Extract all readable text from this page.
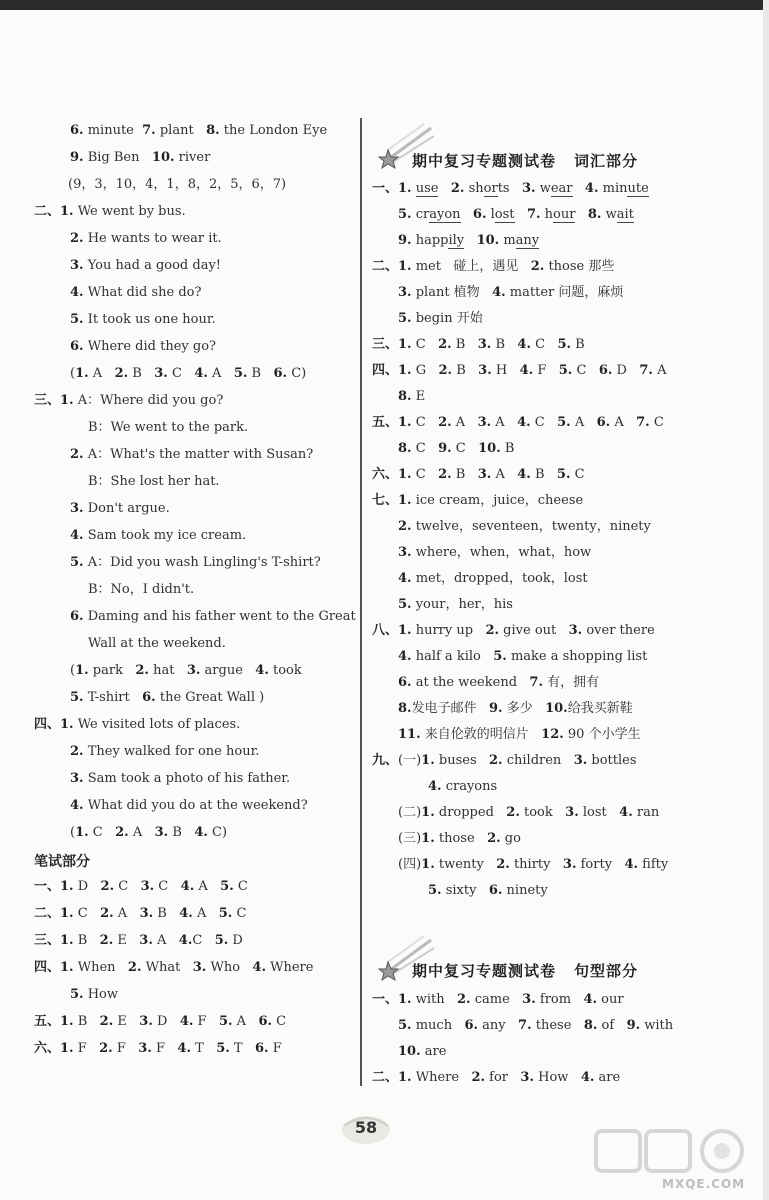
6. minute  7. plant   8. the London Eye
9. Big Ben   10. river
(9，3，10，4，1，8，2，5，6，7)
二、1. We went by bus.
2. He wants to wear it.
3. You had a good day!
4. What did she do?
5. It took us one hour.
6. Where did they go?
(1. A   2. B   3. C   4. A   5. B   6. C)
三、1. A：Where did you go?
B：We went to the park.
2. A：What's the matter with Susan?
B：She lost her hat.
3. Don't argue.
4. Sam took my ice cream.
5. A：Did you wash Lingling's T-shirt?
B：No，I didn't.
6. Daming and his father went to the Great
Wall at the weekend.
(1. park   2. hat   3. argue   4. took
5. T-shirt   6. the Great Wall )
四、1. We visited lots of places.
2. They walked for one hour.
3. Sam took a photo of his father.
4. What did you do at the weekend?
(1. C   2. A   3. B   4. C)
笔试部分
一、1. D   2. C   3. C   4. A   5. C
二、1. C   2. A   3. B   4. A   5. C
三、1. B   2. E   3. A   4.C   5. D
四、1. When   2. What   3. Who   4. Where
5. How
五、1. B   2. E   3. D   4. F   5. A   6. C
六、1. F   2. F   3. F   4. T   5. T   6. F
期中复习专题测试卷 词汇部分
一、1. use 2. shorts   3. wear 4. minute
5. crayon 6. lost 7. hour 8. wait
9. happily 10. many
二、1. met   碰上，遇见   2. those 那些
3. plant 植物   4. matter 问题，麻烦
5. begin 开始
三、1. C   2. B   3. B   4. C   5. B
四、1. G   2. B   3. H   4. F   5. C   6. D   7. A
8. E
五、1. C   2. A   3. A   4. C   5. A   6. A   7. C
8. C   9. C   10. B
六、1. C   2. B   3. A   4. B   5. C
七、1. ice cream，juice，cheese
2. twelve，seventeen，twenty，ninety
3. where，when，what，how
4. met，dropped，took，lost
5. your，her，his
八、1. hurry up   2. give out   3. over there
4. half a kilo   5. make a shopping list
6. at the weekend   7. 有，拥有
8.发电子邮件   9. 多少   10.给我买新鞋
11. 来自伦敦的明信片   12. 90 个小学生
九、(一)1. buses   2. children   3. bottles
4. crayons
(二)1. dropped   2. took   3. lost   4. ran
(三)1. those   2. go
(四)1. twenty   2. thirty   3. forty   4. fifty
5. sixty   6. ninety
期中复习专题测试卷 句型部分
一、1. with   2. came   3. from   4. our
5. much   6. any   7. these   8. of   9. with
10. are
二、1. Where   2. for   3. How   4. are
58
MXQE.COM
